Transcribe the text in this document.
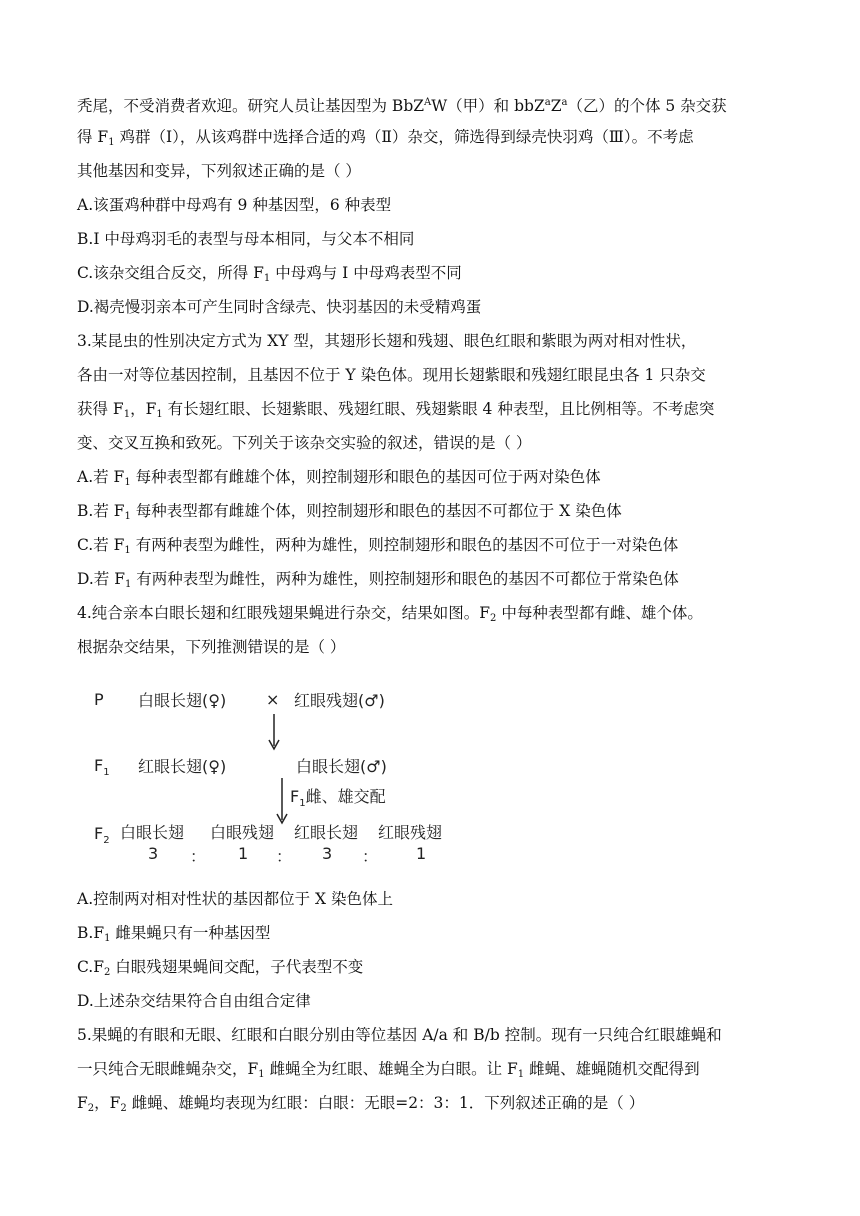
秃尾，不受消费者欢迎。研究人员让基因型为 BbZ$^A$W（甲）和 $bbZ^aZ^a$（乙）的个体 5 杂交获
得 $F_1$ 鸡群（I），从该鸡群中选择合适的鸡（Ⅱ）杂交，筛选得到绿壳快羽鸡（Ⅲ）。不考虑
其他基因和变异，下列叙述正确的是（ ）
A.该蛋鸡种群中母鸡有 9 种基因型，6 种表型
B.I 中母鸡羽毛的表型与母本相同，与父本不相同
C.该杂交组合反交，所得 $F_1$ 中母鸡与 I 中母鸡表型不同
D.褐壳慢羽亲本可产生同时含绿壳、快羽基因的未受精鸡蛋
3.某昆虫的性别决定方式为 XY 型，其翅形长翅和残翅、眼色红眼和紫眼为两对相对性状，
各由一对等位基因控制，且基因不位于 Y 染色体。现用长翅紫眼和残翅红眼昆虫各 1 只杂交
获得 $F_1$，$F_1$ 有长翅红眼、长翅紫眼、残翅红眼、残翅紫眼 4 种表型，且比例相等。不考虑突
变、交叉互换和致死。下列关于该杂交实验的叙述，错误的是（ ）
A.若 $F_1$ 每种表型都有雌雄个体，则控制翅形和眼色的基因可位于两对染色体
B.若 $F_1$ 每种表型都有雌雄个体，则控制翅形和眼色的基因不可都位于 X 染色体
C.若 $F_1$ 有两种表型为雌性，两种为雄性，则控制翅形和眼色的基因不可位于一对染色体
D.若 $F_1$ 有两种表型为雌性，两种为雄性，则控制翅形和眼色的基因不可都位于常染色体
4.纯合亲本白眼长翅和红眼残翅果蝇进行杂交，结果如图。$F_2$ 中每种表型都有雌、雄个体。
根据杂交结果，下列推测错误的是（ ）
P 白眼长翅(♀) × 红眼残翅(♂)
$F_1$ 红眼长翅(♀)	白眼长翅(♂)
$F_1$雌、雄交配
$F_2$ 白眼长翅 白眼残翅 红眼长翅 红眼残翅
3 ： 1 ： 3 ： 1
A.控制两对相对性状的基因都位于 X 染色体上
$B.F_1$ 雌果蝇只有一种基因型
$C.F_2$ 白眼残翅果蝇间交配，子代表型不变
D.上述杂交结果符合自由组合定律
5.果蝇的有眼和无眼、红眼和白眼分别由等位基因 A/a 和 B/b 控制。现有一只纯合红眼雄蝇和
一只纯合无眼雌蝇杂交，$F_1$ 雌蝇全为红眼、雄蝇全为白眼。让 $F_1$ 雌蝇、雄蝇随机交配得到
$F_2$，$F_2$ 雌蝇、雄蝇均表现为红眼：白眼：无眼=2：3：1．下列叙述正确的是（ ）
